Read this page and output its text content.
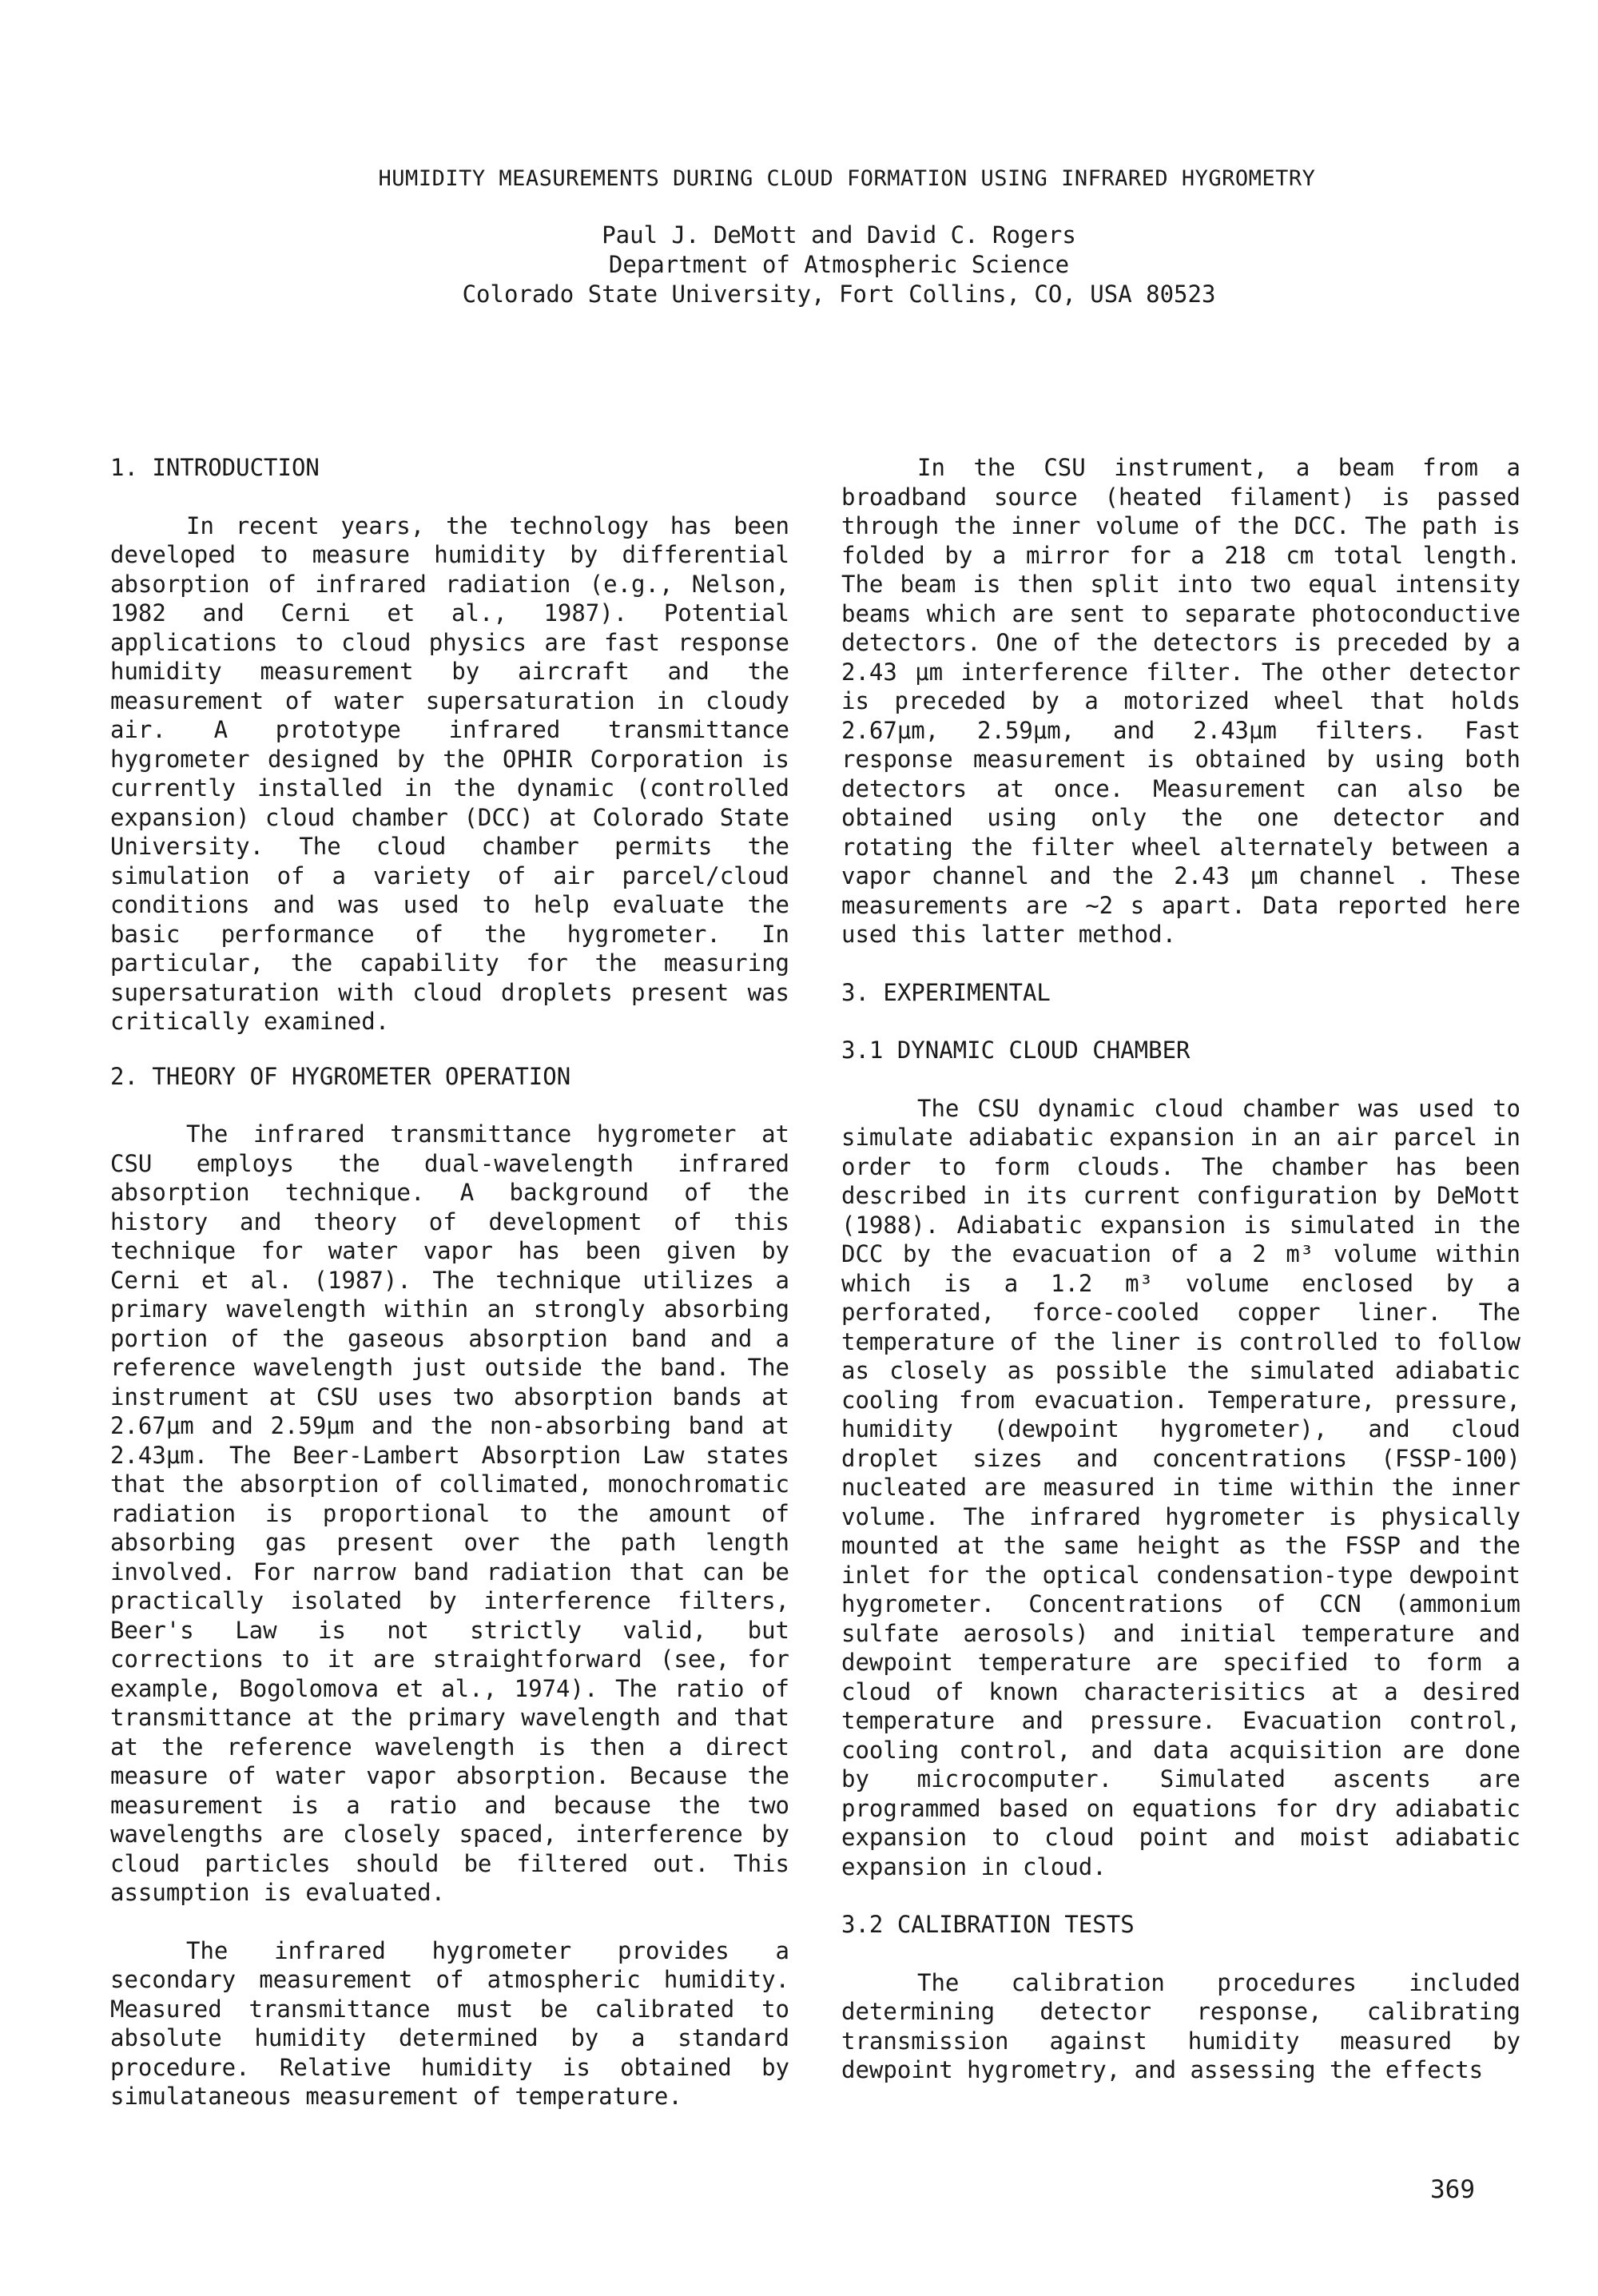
HUMIDITY MEASUREMENTS DURING CLOUD FORMATION USING INFRARED HYGROMETRY
Paul J. DeMott and David C. Rogers
Department of Atmospheric Science
Colorado State University, Fort Collins, CO, USA 80523
1. INTRODUCTION

In recent years, the technology has been developed to measure humidity by differential absorption of infrared radiation (e.g., Nelson, 1982 and Cerni et al., 1987). Potential applications to cloud physics are fast response humidity measurement by aircraft and the measurement of water supersaturation in cloudy air. A prototype infrared transmittance hygrometer designed by the OPHIR Corporation is currently installed in the dynamic (controlled expansion) cloud chamber (DCC) at Colorado State University. The cloud chamber permits the simulation of a variety of air parcel/cloud conditions and was used to help evaluate the basic performance of the hygrometer. In particular, the capability for the measuring supersaturation with cloud droplets present was critically examined.

2. THEORY OF HYGROMETER OPERATION

The infrared transmittance hygrometer at CSU employs the dual-wavelength infrared absorption technique. A background of the history and theory of development of this technique for water vapor has been given by Cerni et al. (1987). The technique utilizes a primary wavelength within an strongly absorbing portion of the gaseous absorption band and a reference wavelength just outside the band. The instrument at CSU uses two absorption bands at 2.67μm and 2.59μm and the non-absorbing band at 2.43μm. The Beer-Lambert Absorption Law states that the absorption of collimated, monochromatic radiation is proportional to the amount of absorbing gas present over the path length involved. For narrow band radiation that can be practically isolated by interference filters, Beer's Law is not strictly valid, but corrections to it are straightforward (see, for example, Bogolomova et al., 1974). The ratio of transmittance at the primary wavelength and that at the reference wavelength is then a direct measure of water vapor absorption. Because the measurement is a ratio and because the two wavelengths are closely spaced, interference by cloud particles should be filtered out. This assumption is evaluated.

The infrared hygrometer provides a secondary measurement of atmospheric humidity. Measured transmittance must be calibrated to absolute humidity determined by a standard procedure. Relative humidity is obtained by simulataneous measurement of temperature.

In the CSU instrument, a beam from a broadband source (heated filament) is passed through the inner volume of the DCC. The path is folded by a mirror for a 218 cm total length. The beam is then split into two equal intensity beams which are sent to separate photoconductive detectors. One of the detectors is preceded by a 2.43 μm interference filter. The other detector is preceded by a motorized wheel that holds 2.67μm, 2.59μm, and 2.43μm filters. Fast response measurement is obtained by using both detectors at once. Measurement can also be obtained using only the one detector and rotating the filter wheel alternately between a vapor channel and the 2.43 μm channel . These measurements are ~2 s apart. Data reported here used this latter method.

3. EXPERIMENTAL
3.1 DYNAMIC CLOUD CHAMBER

The CSU dynamic cloud chamber was used to simulate adiabatic expansion in an air parcel in order to form clouds. The chamber has been described in its current configuration by DeMott (1988). Adiabatic expansion is simulated in the DCC by the evacuation of a 2 m³ volume within which is a 1.2 m³ volume enclosed by a perforated, force-cooled copper liner. The temperature of the liner is controlled to follow as closely as possible the simulated adiabatic cooling from evacuation. Temperature, pressure, humidity (dewpoint hygrometer), and cloud droplet sizes and concentrations (FSSP-100) nucleated are measured in time within the inner volume. The infrared hygrometer is physically mounted at the same height as the FSSP and the inlet for the optical condensation-type dewpoint hygrometer. Concentrations of CCN (ammonium sulfate aerosols) and initial temperature and dewpoint temperature are specified to form a cloud of known characterisitics at a desired temperature and pressure. Evacuation control, cooling control, and data acquisition are done by microcomputer. Simulated ascents are programmed based on equations for dry adiabatic expansion to cloud point and moist adiabatic expansion in cloud.

3.2 CALIBRATION TESTS

The calibration procedures included determining detector response, calibrating transmission against humidity measured by dewpoint hygrometry, and assessing the effects

369
